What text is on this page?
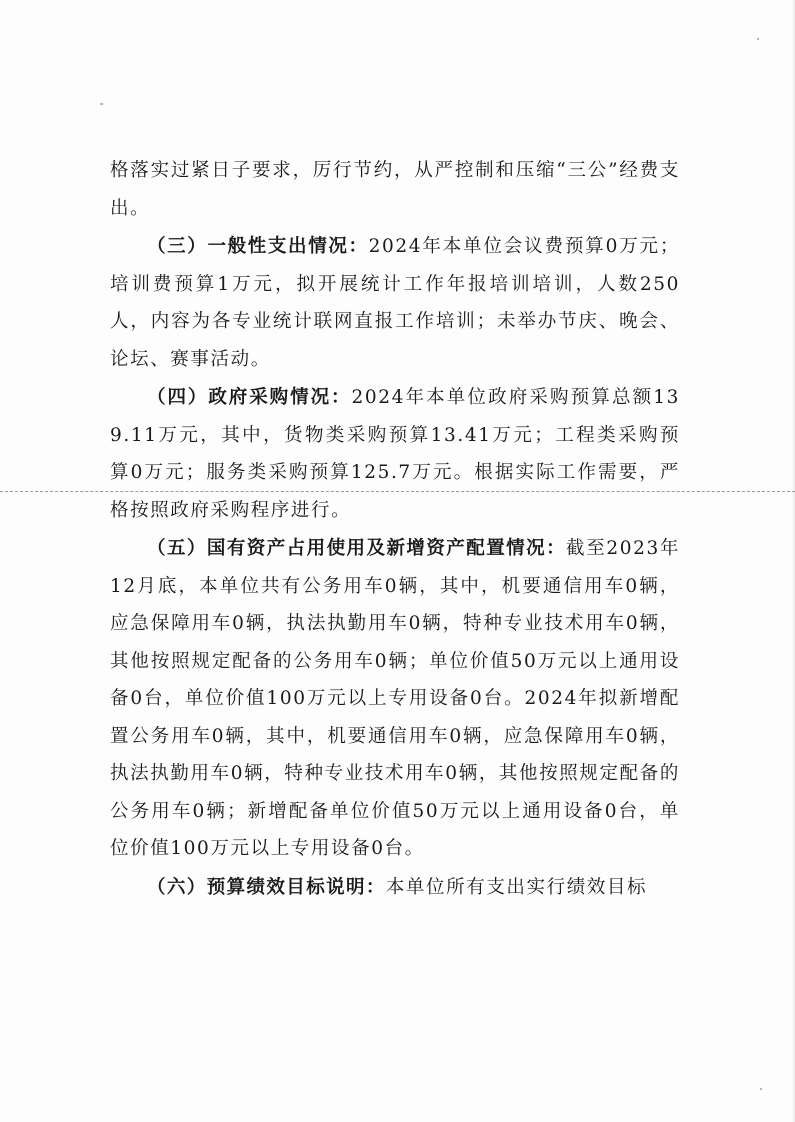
格落实过紧日子要求，厉行节约，从严控制和压缩“三公”经费支出。

（三）一般性支出情况：2024年本单位会议费预算0万元；培训费预算1万元，拟开展统计工作年报培训培训，人数250人，内容为各专业统计联网直报工作培训；未举办节庆、晚会、论坛、赛事活动。

（四）政府采购情况：2024年本单位政府采购预算总额139.11万元，其中，货物类采购预算13.41万元；工程类采购预算0万元；服务类采购预算125.7万元。根据实际工作需要，严格按照政府采购程序进行。

（五）国有资产占用使用及新增资产配置情况：截至2023年12月底，本单位共有公务用车0辆，其中，机要通信用车0辆，应急保障用车0辆，执法执勤用车0辆，特种专业技术用车0辆，其他按照规定配备的公务用车0辆；单位价值50万元以上通用设备0台，单位价值100万元以上专用设备0台。2024年拟新增配置公务用车0辆，其中，机要通信用车0辆，应急保障用车0辆，执法执勤用车0辆，特种专业技术用车0辆，其他按照规定配备的公务用车0辆；新增配备单位价值50万元以上通用设备0台，单位价值100万元以上专用设备0台。

（六）预算绩效目标说明：本单位所有支出实行绩效目标
